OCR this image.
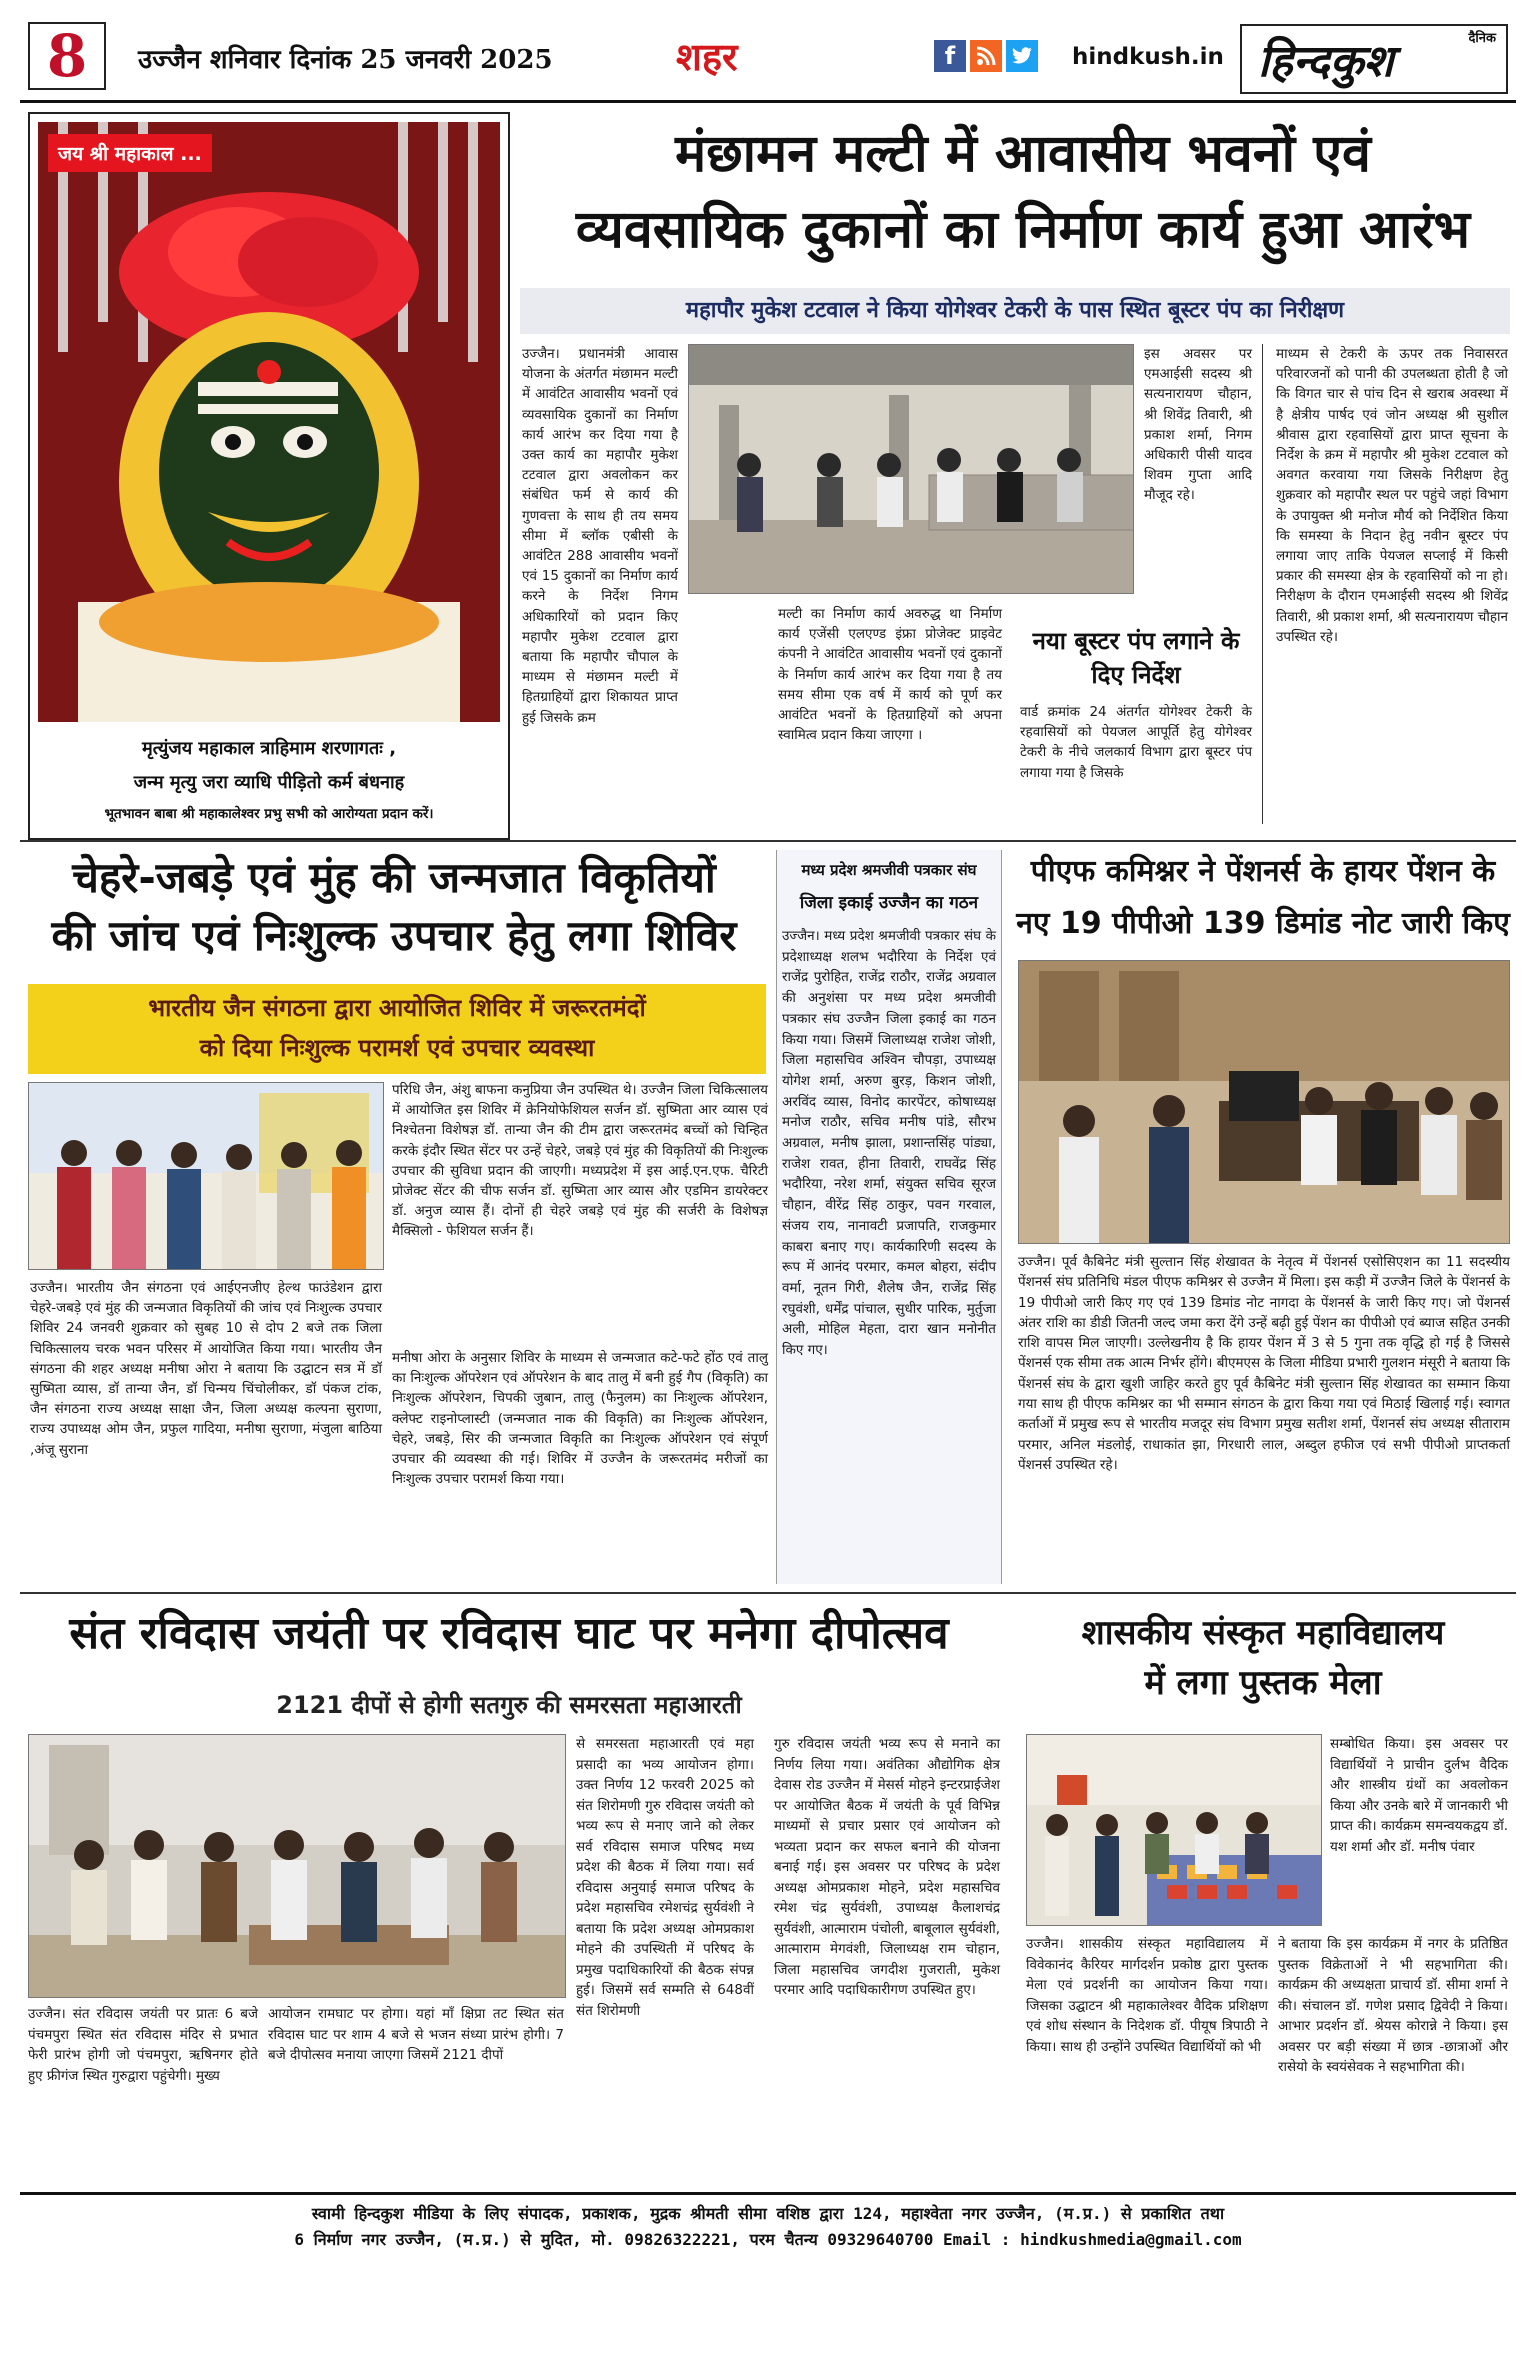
8 उज्जैन शनिवार दिनांक 25 जनवरी 2025	शहर	f	hindkush.in
दैनिक
हिन्दकुश
जय श्री महाकाल ...
मृत्युंजय महाकाल त्राहिमाम शरणागतः ,
जन्म मृत्यु जरा व्याधि पीड़ितो कर्म बंधनाह
भूतभावन बाबा श्री महाकालेश्वर प्रभु सभी को आरोग्यता प्रदान करें।
मंछामन मल्टी में आवासीय भवनों एवं
व्यवसायिक दुकानों का निर्माण कार्य हुआ आरंभ
महापौर मुकेश टटवाल ने किया योगेश्वर टेकरी के पास स्थित बूस्टर पंप का निरीक्षण
उज्जैन। प्रधानमंत्री आवास योजना के अंतर्गत मंछामन मल्टी में आवंटित आवासीय भवनों एवं व्यवसायिक दुकानों का निर्माण कार्य आरंभ कर दिया गया है उक्त कार्य का महापौर मुकेश टटवाल द्वारा अवलोकन कर संबंधित फर्म से कार्य की गुणवत्ता के साथ ही तय समय सीमा में ब्लॉक एबीसी के आवंटित 288 आवासीय भवनों एवं 15 दुकानों का निर्माण कार्य करने के निर्देश निगम अधिकारियों को प्रदान किए महापौर मुकेश टटवाल द्वारा बताया कि महापौर चौपाल के माध्यम से मंछामन मल्टी में हितग्राहियों द्वारा शिकायत प्राप्त हुई जिसके क्रम
मल्टी का निर्माण कार्य अवरुद्ध था निर्माण कार्य एजेंसी एलएण्ड इंफ्रा प्रोजेक्ट प्राइवेट कंपनी ने आवंटित आवासीय भवनों एवं दुकानों के निर्माण कार्य आरंभ कर दिया गया है तय समय सीमा एक वर्ष में कार्य को पूर्ण कर आवंटित भवनों के हितग्राहियों को अपना स्वामित्व प्रदान किया जाएगा ।
इस अवसर पर एमआईसी सदस्य श्री सत्यनारायण चौहान, श्री शिवेंद्र तिवारी, श्री प्रकाश शर्मा, निगम अधिकारी पीसी यादव शिवम गुप्ता आदि मौजूद रहे।
नया बूस्टर पंप लगाने के दिए निर्देश
वार्ड क्रमांक 24 अंतर्गत योगेश्वर टेकरी के रहवासियों को पेयजल आपूर्ति हेतु योगेश्वर टेकरी के नीचे जलकार्य विभाग द्वारा बूस्टर पंप लगाया गया है जिसके
माध्यम से टेकरी के ऊपर तक निवासरत परिवारजनों को पानी की उपलब्धता होती है जो कि विगत चार से पांच दिन से खराब अवस्था में है क्षेत्रीय पार्षद एवं जोन अध्यक्ष श्री सुशील श्रीवास द्वारा रहवासियों द्वारा प्राप्त सूचना के निर्देश के क्रम में महापौर श्री मुकेश टटवाल को अवगत करवाया गया जिसके निरीक्षण हेतु शुक्रवार को महापौर स्थल पर पहुंचे जहां विभाग के उपायुक्त श्री मनोज मौर्य को निर्देशित किया कि समस्या के निदान हेतु नवीन बूस्टर पंप लगाया जाए ताकि पेयजल सप्लाई में किसी प्रकार की समस्या क्षेत्र के रहवासियों को ना हो। निरीक्षण के दौरान एमआईसी सदस्य श्री शिवेंद्र तिवारी, श्री प्रकाश शर्मा, श्री सत्यनारायण चौहान उपस्थित रहे।
चेहरे-जबड़े एवं मुंह की जन्मजात विकृतियों
की जांच एवं निःशुल्क उपचार हेतु लगा शिविर
भारतीय जैन संगठना द्वारा आयोजित शिविर में जरूरतमंदों
को दिया निःशुल्क परामर्श एवं उपचार व्यवस्था
परिधि जैन, अंशु बाफना कनुप्रिया जैन उपस्थित थे। उज्जैन जिला चिकित्सालय में आयोजित इस शिविर में क्रेनियोफेशियल सर्जन डॉ. सुष्मिता आर व्यास एवं निश्चेतना विशेषज्ञ डॉ. तान्या जैन की टीम द्वारा जरूरतमंद बच्चों को चिन्हित करके इंदौर स्थित सेंटर पर उन्हें चेहरे, जबड़े एवं मुंह की विकृतियों की निःशुल्क उपचार की सुविधा प्रदान की जाएगी। मध्यप्रदेश में इस आई.एन.एफ. चैरिटी प्रोजेक्ट सेंटर की चीफ सर्जन डॉ. सुष्मिता आर व्यास और एडमिन डायरेक्टर डॉ. अनुज व्यास हैं। दोनों ही चेहरे जबड़े एवं मुंह की सर्जरी के विशेषज्ञ मैक्सिलो - फेशियल सर्जन हैं।
मनीषा ओरा के अनुसार शिविर के माध्यम से जन्मजात कटे-फटे होंठ एवं तालु का निःशुल्क ऑपरेशन एवं ऑपरेशन के बाद तालु में बनी हुई गैप (विकृति) का निःशुल्क ऑपरेशन, चिपकी जुबान, तालु (फैनुलम) का निःशुल्क ऑपरेशन, क्लेफ्ट राइनोप्लास्टी (जन्मजात नाक की विकृति) का निःशुल्क ऑपरेशन, चेहरे, जबड़े, सिर की जन्मजात विकृति का निःशुल्क ऑपरेशन एवं संपूर्ण उपचार की व्यवस्था की गई। शिविर में उज्जैन के जरूरतमंद मरीजों का निःशुल्क उपचार परामर्श किया गया।
उज्जैन। भारतीय जैन संगठना एवं आईएनजीए हेल्थ फाउंडेशन द्वारा चेहरे-जबड़े एवं मुंह की जन्मजात विकृतियों की जांच एवं निःशुल्क उपचार शिविर 24 जनवरी शुक्रवार को सुबह 10 से दोप 2 बजे तक जिला चिकित्सालय चरक भवन परिसर में आयोजित किया गया। भारतीय जैन संगठना की शहर अध्यक्ष मनीषा ओरा ने बताया कि उद्घाटन सत्र में डॉ सुष्मिता व्यास, डॉ तान्या जैन, डॉ चिन्मय चिंचोलीकर, डॉ पंकज टांक, जैन संगठना राज्य अध्यक्ष साक्षा जैन, जिला अध्यक्ष कल्पना सुराणा, राज्य उपाध्यक्ष ओम जैन, प्रफुल गादिया, मनीषा सुराणा, मंजुला बाठिया ,अंजू सुराना
मध्य प्रदेश श्रमजीवी पत्रकार संघ
जिला इकाई उज्जैन का गठन
उज्जैन। मध्य प्रदेश श्रमजीवी पत्रकार संघ के प्रदेशाध्यक्ष शलभ भदौरिया के निर्देश एवं राजेंद्र पुरोहित, राजेंद्र राठौर, राजेंद्र अग्रवाल की अनुशंसा पर मध्य प्रदेश श्रमजीवी पत्रकार संघ उज्जैन जिला इकाई का गठन किया गया। जिसमें जिलाध्यक्ष राजेश जोशी, जिला महासचिव अश्विन चौपड़ा, उपाध्यक्ष योगेश शर्मा, अरुण बुरड़, किशन जोशी, अरविंद व्यास, विनोद कारपेंटर, कोषाध्यक्ष मनोज राठौर, सचिव मनीष पांडे, सौरभ अग्रवाल, मनीष झाला, प्रशान्तसिंह पांड्या, राजेश रावत, हीना तिवारी, राघवेंद्र सिंह भदौरिया, नरेश शर्मा, संयुक्त सचिव सूरज चौहान, वीरेंद्र सिंह ठाकुर, पवन गरवाल, संजय राय, नानावटी प्रजापति, राजकुमार काबरा बनाए गए। कार्यकारिणी सदस्य के रूप में आनंद परमार, कमल बोहरा, संदीप वर्मा, नूतन गिरी, शैलेष जैन, राजेंद्र सिंह रघुवंशी, धर्मेंद्र पांचाल, सुधीर पारिक, मुर्तुजा अली, मोहिल मेहता, दारा खान मनोनीत किए गए।
पीएफ कमिश्नर ने पेंशनर्स के हायर पेंशन के
नए 19 पीपीओ 139 डिमांड नोट जारी किए
उज्जैन। पूर्व कैबिनेट मंत्री सुल्तान सिंह शेखावत के नेतृत्व में पेंशनर्स एसोसिएशन का 11 सदस्यीय पेंशनर्स संघ प्रतिनिधि मंडल पीएफ कमिश्नर से उज्जैन में मिला। इस कड़ी में उज्जैन जिले के पेंशनर्स के 19 पीपीओ जारी किए गए एवं 139 डिमांड नोट नागदा के पेंशनर्स के जारी किए गए। जो पेंशनर्स अंतर राशि का डीडी जितनी जल्द जमा करा देंगे उन्हें बढ़ी हुई पेंशन का पीपीओ एवं ब्याज सहित उनकी राशि वापस मिल जाएगी। उल्लेखनीय है कि हायर पेंशन में 3 से 5 गुना तक वृद्धि हो गई है जिससे पेंशनर्स एक सीमा तक आत्म निर्भर होंगे। बीएमएस के जिला मीडिया प्रभारी गुलशन मंसूरी ने बताया कि पेंशनर्स संघ के द्वारा खुशी जाहिर करते हुए पूर्व कैबिनेट मंत्री सुल्तान सिंह शेखावत का सम्मान किया गया साथ ही पीएफ कमिश्नर का भी सम्मान संगठन के द्वारा किया गया एवं मिठाई खिलाई गई। स्वागत कर्ताओं में प्रमुख रूप से भारतीय मजदूर संघ विभाग प्रमुख सतीश शर्मा, पेंशनर्स संघ अध्यक्ष सीताराम परमार, अनिल मंडलोई, राधाकांत झा, गिरधारी लाल, अब्दुल हफीज एवं सभी पीपीओ प्राप्तकर्ता पेंशनर्स उपस्थित रहे।
संत रविदास जयंती पर रविदास घाट पर मनेगा दीपोत्सव
2121 दीपों से होगी सतगुरु की समरसता महाआरती
उज्जैन। संत रविदास जयंती पर प्रातः 6 बजे पंचमपुरा स्थित संत रविदास मंदिर से प्रभात फेरी प्रारंभ होगी जो पंचमपुरा, ऋषिनगर होते हुए फ्रीगंज स्थित गुरुद्वारा पहुंचेगी। मुख्य
आयोजन रामघाट पर होगा। यहां माँ क्षिप्रा तट स्थित संत रविदास घाट पर शाम 4 बजे से भजन संध्या प्रारंभ होगी। 7 बजे दीपोत्सव मनाया जाएगा जिसमें 2121 दीपों
से समरसता महाआरती एवं महा प्रसादी का भव्य आयोजन होगा। उक्त निर्णय 12 फरवरी 2025 को संत शिरोमणी गुरु रविदास जयंती को भव्य रूप से मनाए जाने को लेकर सर्व रविदास समाज परिषद मध्य प्रदेश की बैठक में लिया गया। सर्व रविदास अनुयाई समाज परिषद के प्रदेश महासचिव रमेशचंद्र सुर्यवंशी ने बताया कि प्रदेश अध्यक्ष ओमप्रकाश मोहने की उपस्थिती में परिषद के प्रमुख पदाधिकारियों की बैठक संपन्न हुई। जिसमें सर्व सम्मति से 648वीं संत शिरोमणी
गुरु रविदास जयंती भव्य रूप से मनाने का निर्णय लिया गया। अवंतिका औद्योगिक क्षेत्र देवास रोड उज्जैन में मेसर्स मोहने इन्टरप्राईजेश पर आयोजित बैठक में जयंती के पूर्व विभिन्न माध्यमों से प्रचार प्रसार एवं आयोजन को भव्यता प्रदान कर सफल बनाने की योजना बनाई गई। इस अवसर पर परिषद के प्रदेश अध्यक्ष ओमप्रकाश मोहने, प्रदेश महासचिव रमेश चंद्र सुर्यवंशी, उपाध्यक्ष कैलाशचंद्र सुर्यवंशी, आत्माराम पंचोली, बाबूलाल सुर्यवंशी, आत्माराम मेगवंशी, जिलाध्यक्ष राम चोहान, जिला महासचिव जगदीश गुजराती, मुकेश परमार आदि पदाधिकारीगण उपस्थित हुए।
शासकीय संस्कृत महाविद्यालय
में लगा पुस्तक मेला
सम्बोधित किया। इस अवसर पर विद्यार्थियों ने प्राचीन दुर्लभ वैदिक और शास्त्रीय ग्रंथों का अवलोकन किया और उनके बारे में जानकारी भी प्राप्त की। कार्यक्रम समन्वयकद्वय डॉ. यश शर्मा और डॉ. मनीष पंवार
ने बताया कि इस कार्यक्रम में नगर के प्रतिष्ठित पुस्तक विक्रेताओं ने भी सहभागिता की। कार्यक्रम की अध्यक्षता प्राचार्य डॉ. सीमा शर्मा ने की। संचालन डॉ. गणेश प्रसाद द्विवेदी ने किया। आभार प्रदर्शन डॉ. श्रेयस कोरान्ने ने किया। इस अवसर पर बड़ी संख्या में छात्र -छात्राओं और रासेयो के स्वयंसेवक ने सहभागिता की।
उज्जैन। शासकीय संस्कृत महाविद्यालय में विवेकानंद कैरियर मार्गदर्शन प्रकोष्ठ द्वारा पुस्तक मेला एवं प्रदर्शनी का आयोजन किया गया। जिसका उद्घाटन श्री महाकालेश्वर वैदिक प्रशिक्षण एवं शोध संस्थान के निदेशक डॉ. पीयूष त्रिपाठी ने किया। साथ ही उन्होंने उपस्थित विद्यार्थियों को भी
स्वामी हिन्दकुश मीडिया के लिए संपादक, प्रकाशक, मुद्रक श्रीमती सीमा वशिष्ठ द्वारा 124, महाश्वेता नगर उज्जैन, (म.प्र.) से प्रकाशित तथा
6 निर्माण नगर उज्जैन, (म.प्र.) से मुदित, मो. 09826322221, परम चैतन्य 09329640700 Email : hindkushmedia@gmail.com
